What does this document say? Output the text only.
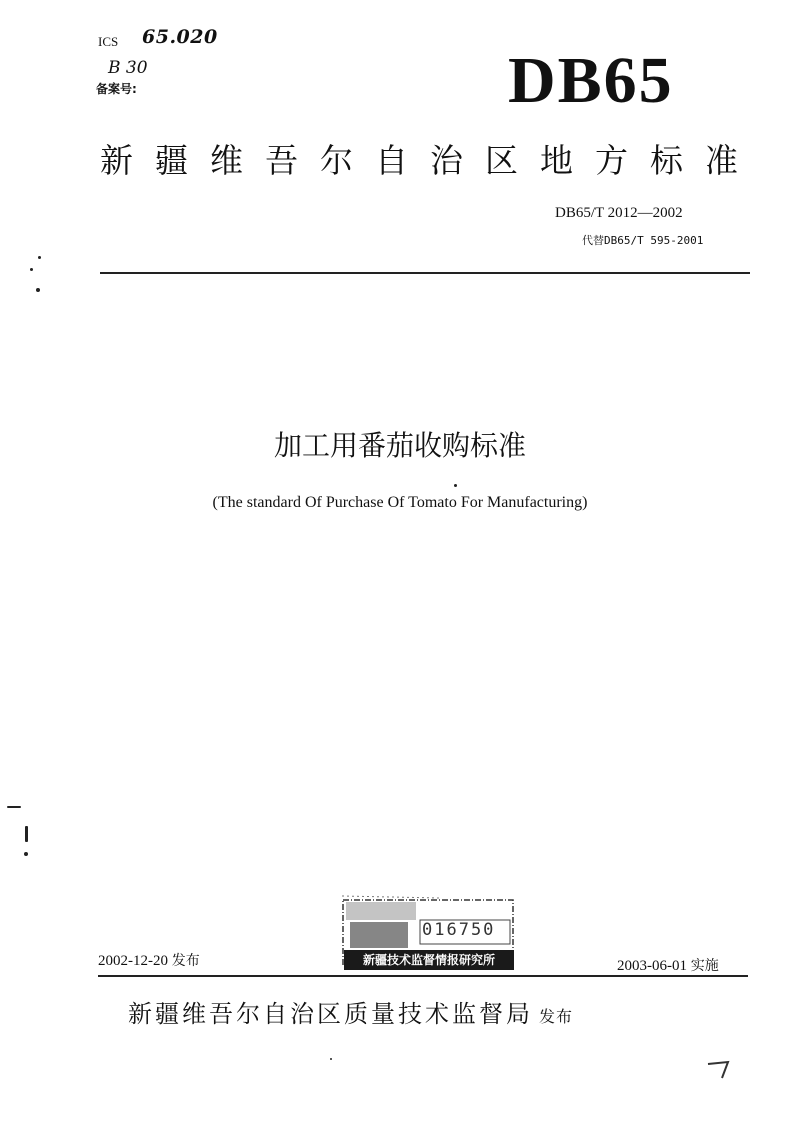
ICS 65.020
B 30
备案号:	DB65
新疆维吾尔自治区地方标准
DB65/T 2012—2002
代替DB65/T 595-2001
加工用番茄收购标准
(The standard Of Purchase Of Tomato For Manufacturing)
016750
新疆技术监督情报研究所
2002-12-20 发布	2003-06-01 实施
新疆维吾尔自治区质量技术监督局 发布
